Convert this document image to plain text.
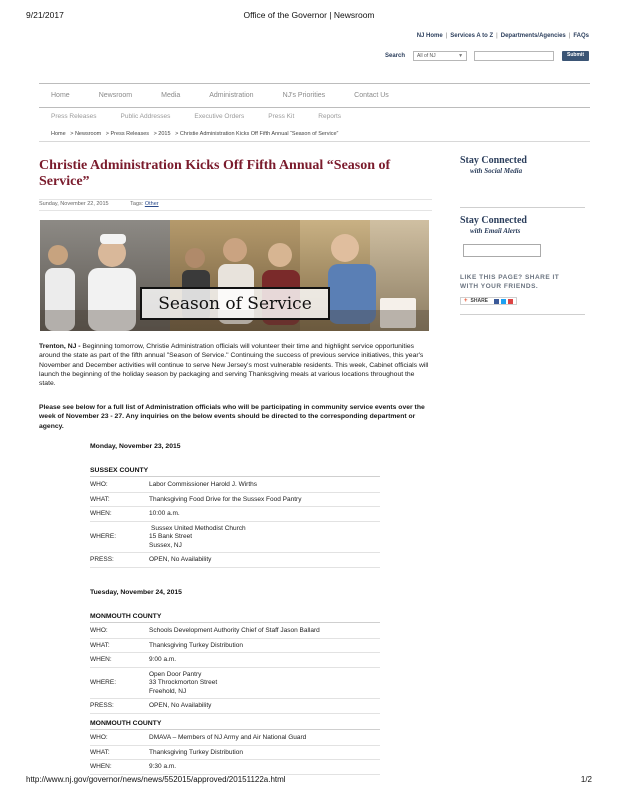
9/21/2017	Office of the Governor | Newsroom
NJ Home | Services A to Z | Departments/Agencies | FAQs
Search	All of NJ	▼	Submit
Home	Newsroom	Media	Administration	NJ's Priorities	Contact Us
Press Releases	Public Addresses	Executive Orders	Press Kit	Reports
Home > Newsroom > Press Releases > 2015 > Christie Administration Kicks Off Fifth Annual “Season of Service”
Christie Administration Kicks Off Fifth Annual “Season of Service”
Sunday, November 22, 2015	Tags: Other
Season of Service
Stay Connected
with Social Media
Stay Connected
with Email Alerts
LIKE THIS PAGE? SHARE IT WITH YOUR FRIENDS.
+ SHARE

Trenton, NJ - Beginning tomorrow, Christie Administration officials will volunteer their time and highlight service opportunities around the state as part of the fifth annual "Season of Service." Continuing the success of previous service initiatives, this year's November and December activities will continue to serve New Jersey's most vulnerable residents. This week, Cabinet officials will launch the beginning of the holiday season by packaging and serving Thanksgiving meals at various locations throughout the state.

Please see below for a full list of Administration officials who will be participating in community service events over the week of November 23 - 27. Any inquiries on the below events should be directed to the corresponding department or agency.

Monday, November 23, 2015
SUSSEX COUNTY
WHO:	Labor Commissioner Harold J. Wirths
WHAT:	Thanksgiving Food Drive for the Sussex Food Pantry
WHEN:	10:00 a.m.
WHERE:
Sussex United Methodist Church
15 Bank Street
Sussex, NJ
PRESS:	OPEN, No Availability
Tuesday, November 24, 2015
MONMOUTH COUNTY
WHO:	Schools Development Authority Chief of Staff Jason Ballard
WHAT:	Thanksgiving Turkey Distribution
WHEN:	9:00 a.m.
WHERE:
Open Door Pantry
33 Throckmorton Street
Freehold, NJ
PRESS:	OPEN, No Availability
MONMOUTH COUNTY
WHO:	DMAVA – Members of NJ Army and Air National Guard
WHAT:	Thanksgiving Turkey Distribution
WHEN:	9:30 a.m.
http://www.nj.gov/governor/news/news/552015/approved/20151122a.html	1/2
